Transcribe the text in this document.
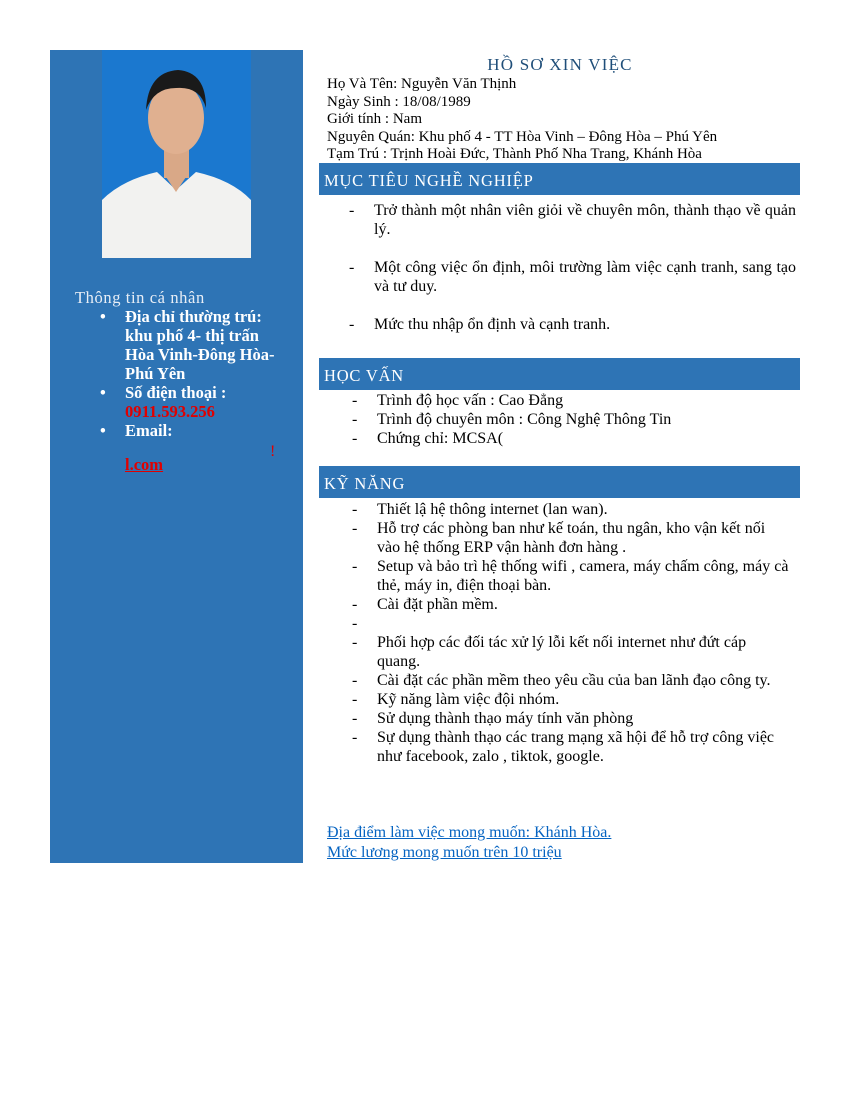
Thông tin cá nhân
• Địa chỉ thường trú: khu phố 4- thị trấn Hòa Vinh-Đông Hòa-Phú Yên
• Số điện thoại :
0911.593.256
• Email:
!
l.com
HỒ SƠ XIN VIỆC
Họ Và Tên: Nguyễn Văn Thịnh
Ngày Sinh : 18/08/1989
Giới tính : Nam
Nguyên Quán: Khu phố 4 - TT Hòa Vinh – Đông Hòa – Phú Yên
Tạm Trú : Trịnh Hoài Đức, Thành Phố Nha Trang, Khánh Hòa
MỤC TIÊU NGHỀ NGHIỆP
- Trở thành một nhân viên giỏi về chuyên môn, thành thạo về quản lý.
- Một công việc ổn định, môi trường làm việc cạnh tranh, sang tạo và tư duy.
- Mức thu nhập ổn định và cạnh tranh.
HỌC VẤN
- Trình độ học vấn : Cao Đẳng
- Trình độ chuyên môn : Công Nghệ Thông Tin
- Chứng chỉ: MCSA(
KỸ NĂNG
- Thiết lậ hệ thông internet (lan wan).
- Hỗ trợ các phòng ban như kế toán, thu ngân, kho vận kết nối vào hệ thống ERP vận hành đơn hàng .
- Setup và bảo trì hệ thống wifi , camera, máy chấm công, máy cà thẻ, máy in, điện thoại bàn.
- Cài đặt phần mềm.
-
- Phối hợp các đối tác xử lý lỗi kết nối internet như đứt cáp quang.
- Cài đặt các phần mềm theo yêu cầu của ban lãnh đạo công ty.
- Kỹ năng làm việc đội nhóm.
- Sử dụng thành thạo máy tính văn phòng
- Sự dụng thành thạo các trang mạng xã hội để hỗ trợ công việc như facebook, zalo , tiktok, google.
Địa điểm làm việc mong muốn: Khánh Hòa.
Mức lương mong muốn trên 10 triệu
